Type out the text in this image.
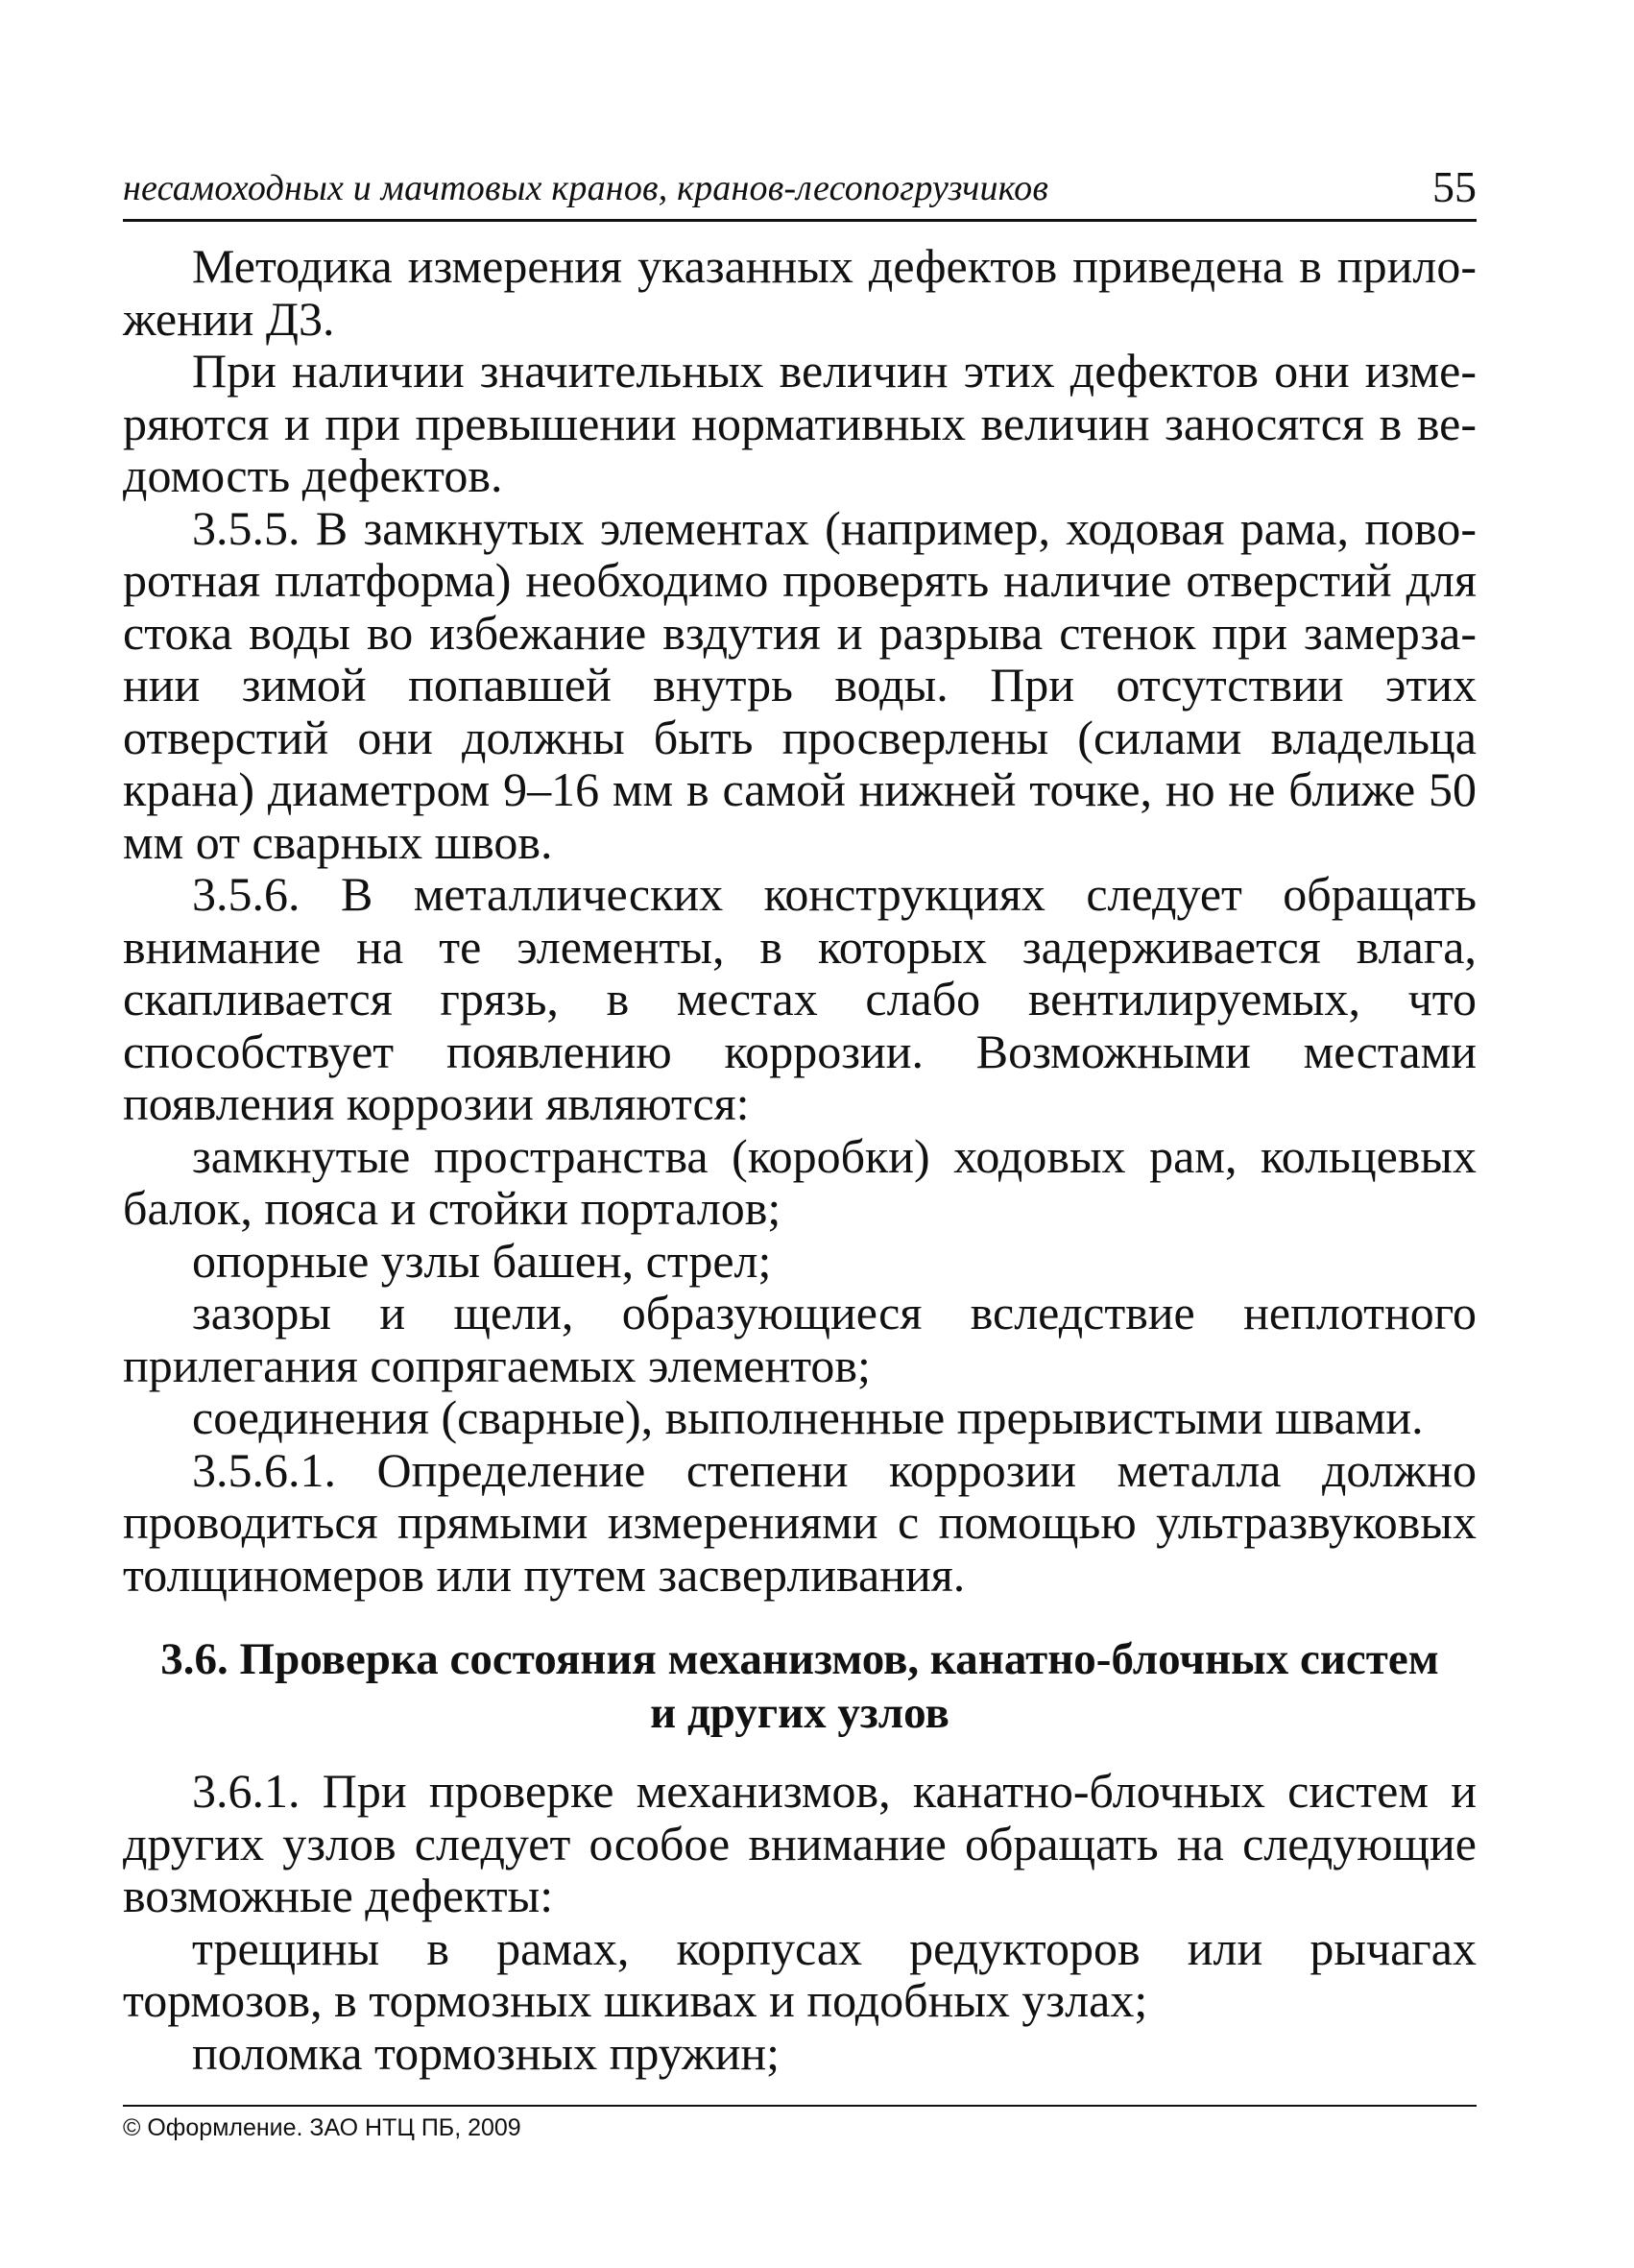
несамоходных и мачтовых кранов, кранов-лесопогрузчиков	55

Методика измерения указанных дефектов приведена в приложении Д3.

При наличии значительных величин этих дефектов они измеряются и при превышении нормативных величин заносятся в ведомость дефектов.

3.5.5. В замкнутых элементах (например, ходовая рама, поворотная платформа) необходимо проверять наличие отверстий для стока воды во избежание вздутия и разрыва стенок при замерзании зимой попавшей внутрь воды. При отсутствии этих отверстий они должны быть просверлены (силами владельца крана) диаметром 9–16 мм в самой нижней точке, но не ближе 50 мм от сварных швов.

3.5.6. В металлических конструкциях следует обращать внимание на те элементы, в которых задерживается влага, скапливается грязь, в местах слабо вентилируемых, что способствует появлению коррозии. Возможными местами появления коррозии являются:

замкнутые пространства (коробки) ходовых рам, кольцевых балок, пояса и стойки порталов;

опорные узлы башен, стрел;

зазоры и щели, образующиеся вследствие неплотного прилегания сопрягаемых элементов;

соединения (сварные), выполненные прерывистыми швами.

3.5.6.1. Определение степени коррозии металла должно проводиться прямыми измерениями с помощью ультразвуковых толщиномеров или путем засверливания.

3.6. Проверка состояния механизмов, канатно-блочных систем
и других узлов

3.6.1. При проверке механизмов, канатно-блочных систем и других узлов следует особое внимание обращать на следующие возможные дефекты:

трещины в рамах, корпусах редукторов или рычагах тормозов, в тормозных шкивах и подобных узлах;

поломка тормозных пружин;

© Оформление. ЗАО НТЦ ПБ, 2009
